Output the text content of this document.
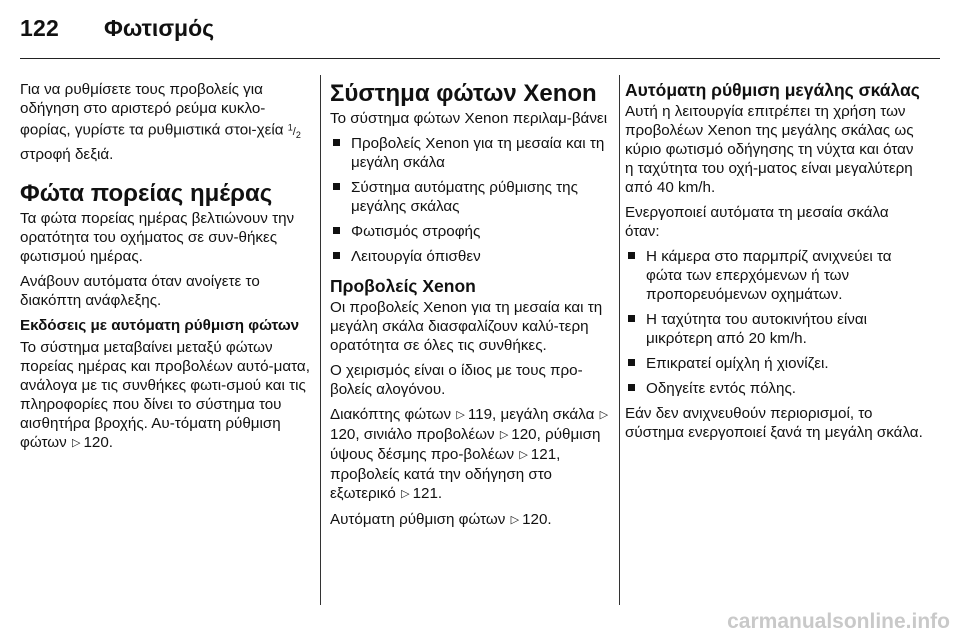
122 Φωτισμός

Για να ρυθμίσετε τους προβολείς για οδήγηση στο αριστερό ρεύμα κυκλο-φορίας, γυρίστε τα ρυθμιστικά στοι-χεία $^1/_2$ στροφή δεξιά.

Φώτα πορείας ημέρας

Τα φώτα πορείας ημέρας βελτιώνουν την ορατότητα του οχήματος σε συν-θήκες φωτισμού ημέρας.

Ανάβουν αυτόματα όταν ανοίγετε το διακόπτη ανάφλεξης.

Εκδόσεις με αυτόματη ρύθμιση φώτων

Το σύστημα μεταβαίνει μεταξύ φώτων πορείας ημέρας και προβολέων αυτό-ματα, ανάλογα με τις συνθήκες φωτι-σμού και τις πληροφορίες που δίνει το σύστημα του αισθητήρα βροχής. Αυ-τόματη ρύθμιση φώτων ▷ 120.

Σύστημα φώτων Xenon

Το σύστημα φώτων Xenon περιλαμ-βάνει

Προβολείς Xenon για τη μεσαία και τη μεγάλη σκάλα
Σύστημα αυτόματης ρύθμισης της μεγάλης σκάλας
Φωτισμός στροφής
Λειτουργία όπισθεν
Προβολείς Xenon

Οι προβολείς Xenon για τη μεσαία και τη μεγάλη σκάλα διασφαλίζουν καλύ-τερη ορατότητα σε όλες τις συνθήκες.

Ο χειρισμός είναι ο ίδιος με τους προ-βολείς αλογόνου.

Διακόπτης φώτων ▷ 119, μεγάλη σκάλα ▷120, σινιάλο προβολέων ▷ 120, ρύθμιση ύψους δέσμης προ-βολέων ▷ 121, προβολείς κατά την οδήγηση στο εξωτερικό ▷ 121.

Αυτόματη ρύθμιση φώτων ▷ 120.

Αυτόματη ρύθμιση μεγάλης σκάλας

Αυτή η λειτουργία επιτρέπει τη χρήση των προβολέων Xenon της μεγάλης σκάλας ως κύριο φωτισμό οδήγησης τη νύχτα και όταν η ταχύτητα του οχή-ματος είναι μεγαλύτερη από 40 km/h.

Ενεργοποιεί αυτόματα τη μεσαία σκάλα όταν:

Η κάμερα στο παρμπρίζ ανιχνεύει τα φώτα των επερχόμενων ή των προπορευόμενων οχημάτων.
Η ταχύτητα του αυτοκινήτου είναι μικρότερη από 20 km/h.
Επικρατεί ομίχλη ή χιονίζει.
Οδηγείτε εντός πόλης.

Εάν δεν ανιχνευθούν περιορισμοί, το σύστημα ενεργοποιεί ξανά τη μεγάλη σκάλα.

carmanualsonline.info
